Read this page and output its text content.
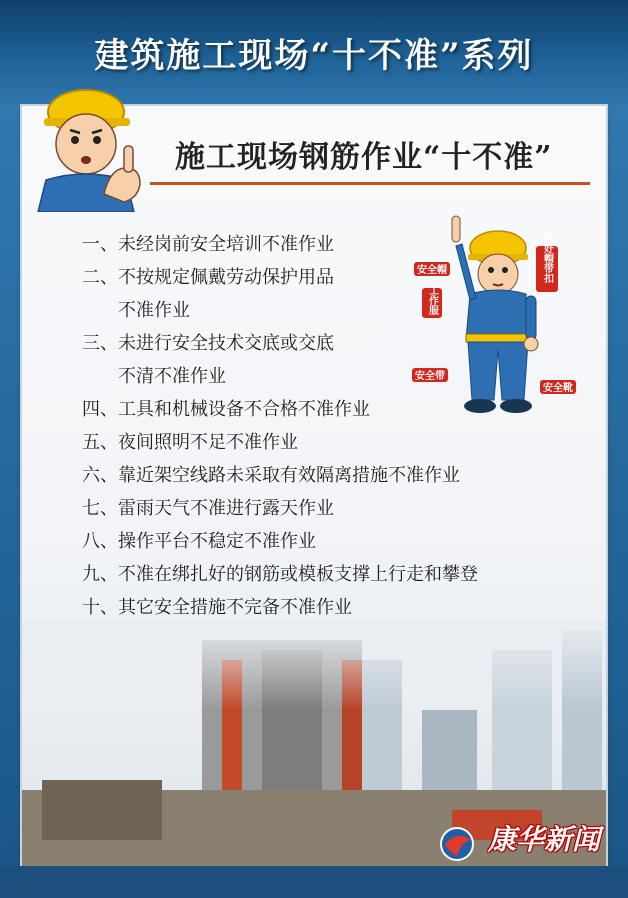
建筑施工现场“十不准”系列
施工现场钢筋作业“十不准”
一、未经岗前安全培训不准作业
二、不按规定佩戴劳动保护用品
不准作业
三、未进行安全技术交底或交底
不清不准作业
四、工具和机械设备不合格不准作业
五、夜间照明不足不准作业
六、靠近架空线路未采取有效隔离措施不准作业
七、雷雨天气不准进行露天作业
八、操作平台不稳定不准作业
九、不准在绑扎好的钢筋或模板支撑上行走和攀登
十、其它安全措施不完备不准作业
安全帽	系好帽带扣
工作服
安全带
安全靴
康华新闻
